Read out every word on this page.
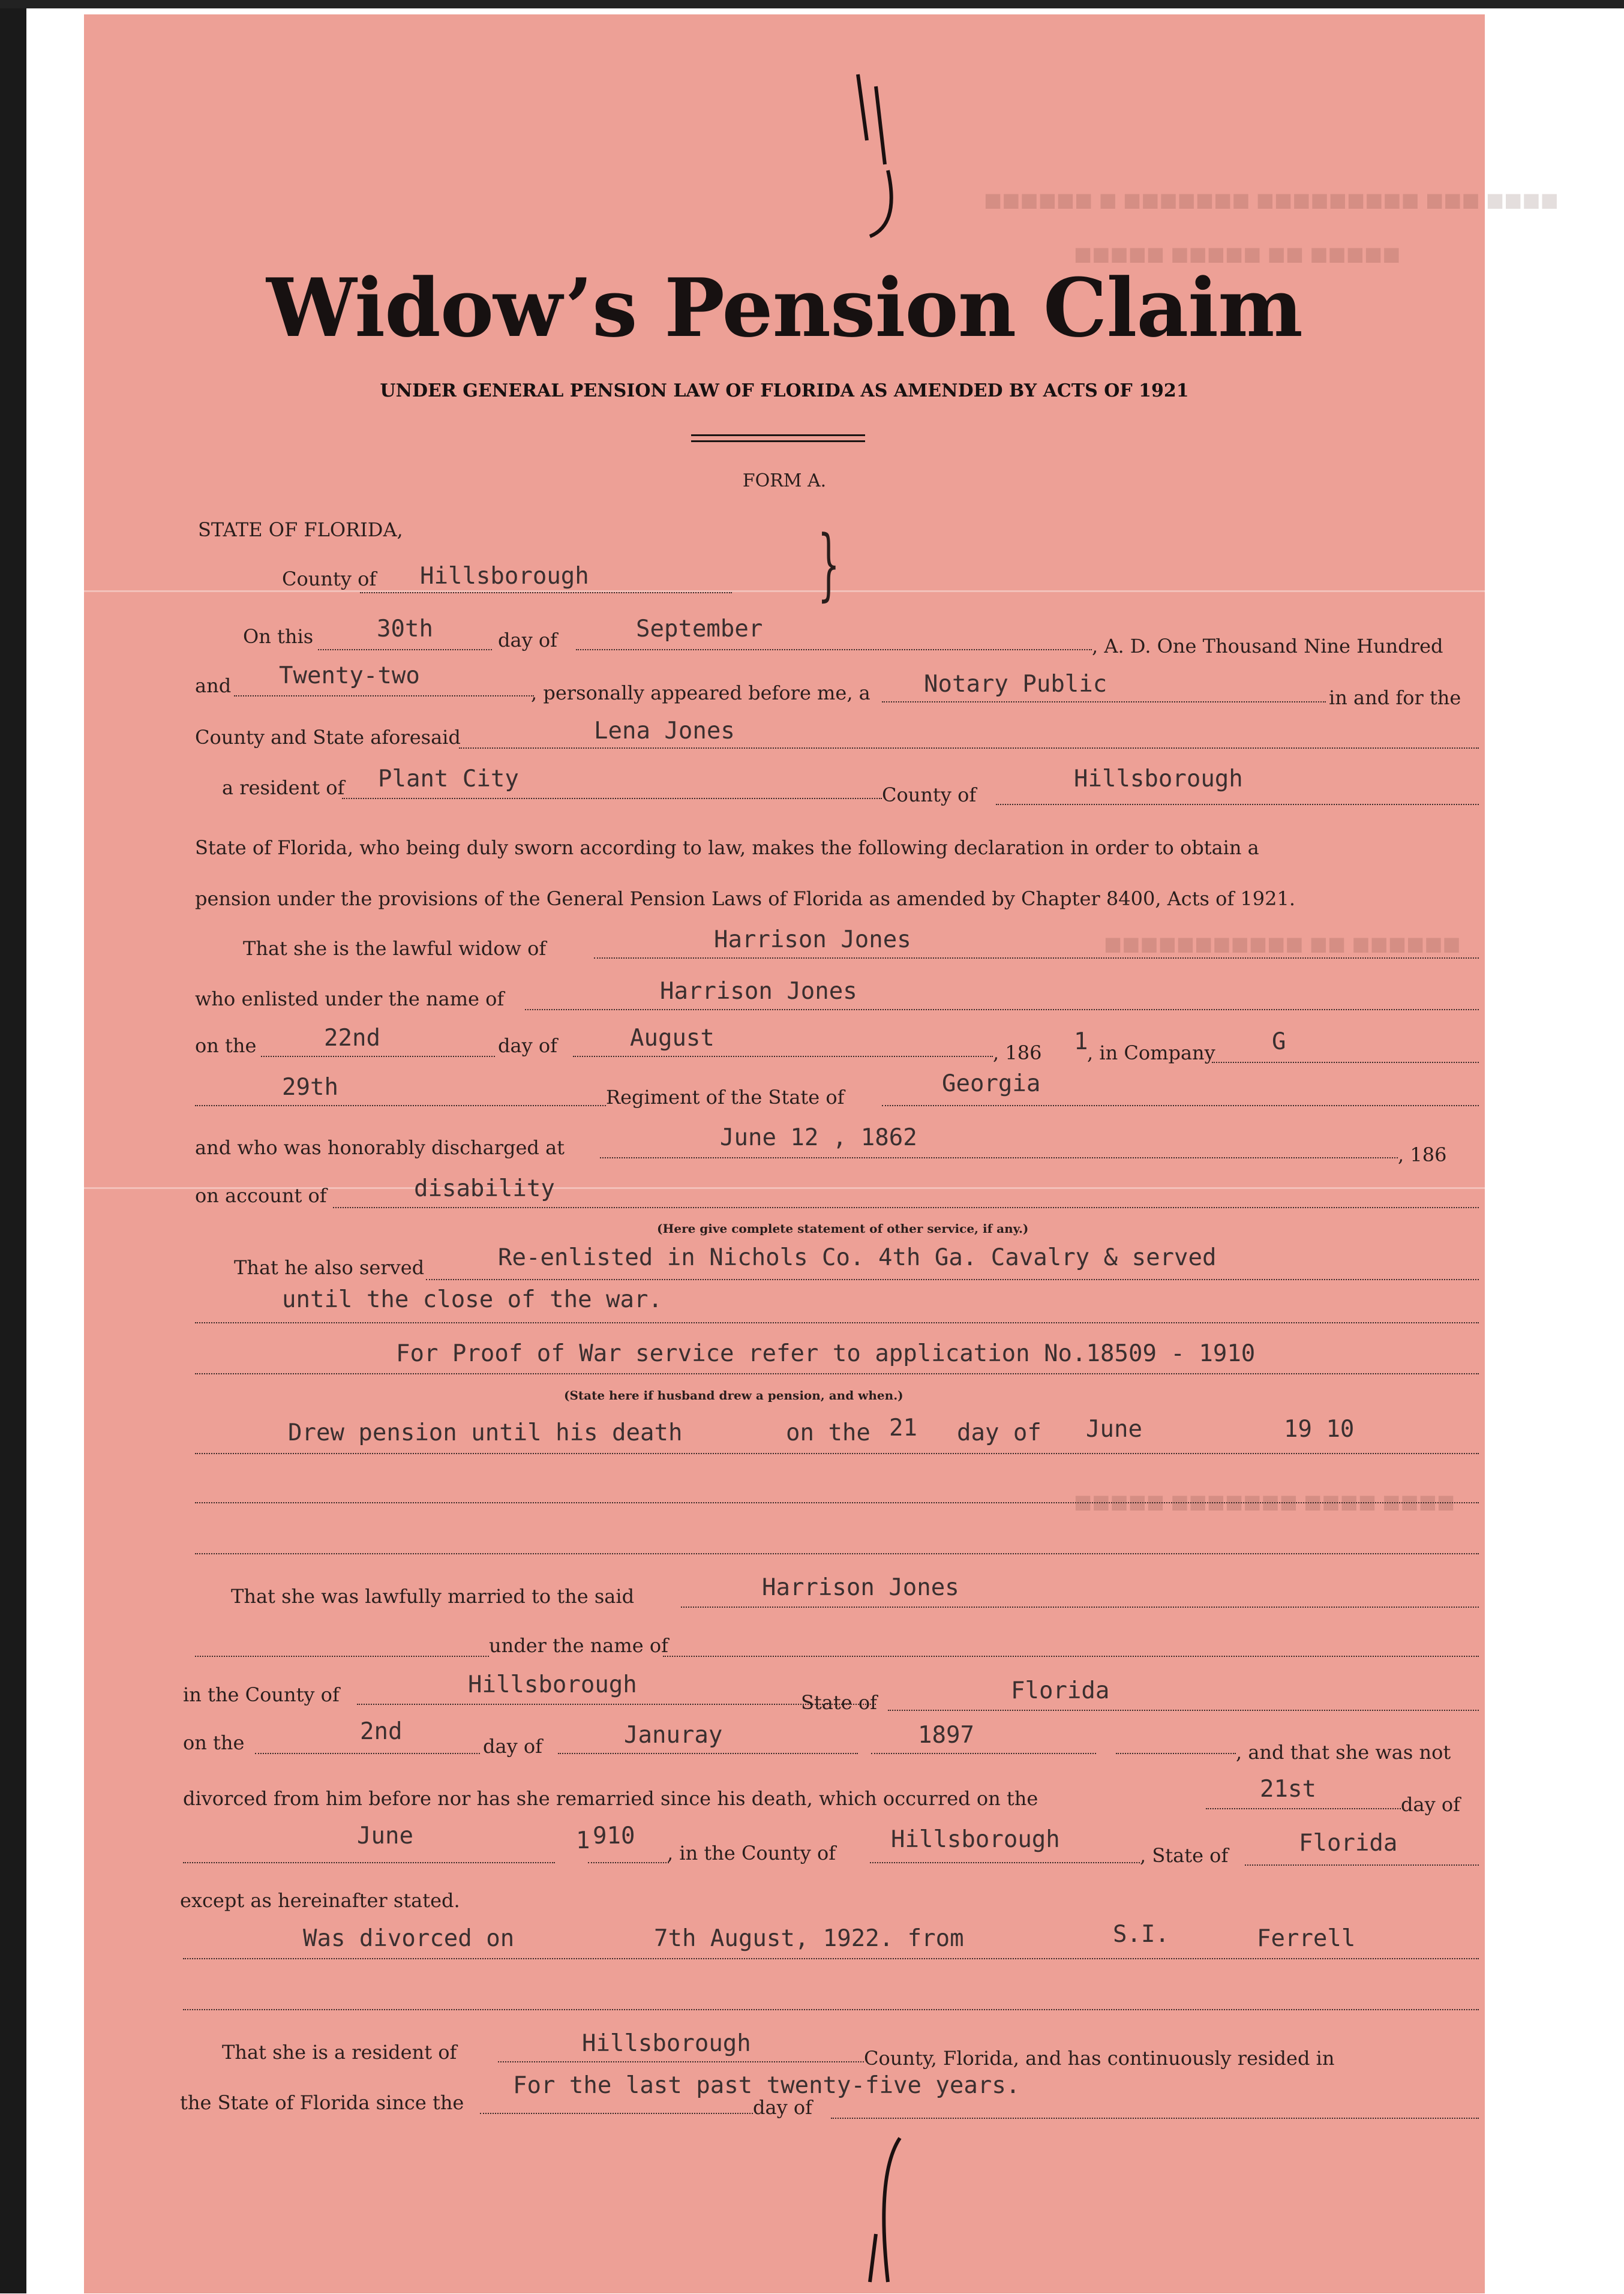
■■■■ ■■■ ■■■■■■■■■ ■■■■■■■ ■ ■■■■■■
■■■■■ ■■ ■■■■■ ■■■■■
■■■■■■ ■■ ■■■■■■■■■■■
■■■■ ■■■■ ■■■■■■■ ■■■■■
Widow’s Pension Claim
UNDER GENERAL PENSION LAW OF FLORIDA AS AMENDED BY ACTS OF 1921
FORM A.
STATE OF FLORIDA,
County of Hillsborough	}
On this	30th	day of	September
, A. D. One Thousand Nine Hundred
and Twenty-two
, personally appeared before me, a Notary Public	in and for the
County and State aforesaid	Lena Jones
a resident of Plant City
County of
Hillsborough
State of Florida, who being duly sworn according to law, makes the following declaration in order to obtain a
pension under the provisions of the General Pension Laws of Florida as amended by Chapter 8400, Acts of 1921.
That she is the lawful widow of	Harrison Jones
who enlisted under the name of	Harrison Jones
on the	22nd	day of	August
, 186 1
, in Company G
29th	Regiment of the State of	Georgia
and who was honorably discharged at	June 12 , 1862
, 186
on account of	disability
(Here give complete statement of other service, if any.)
That he also served	Re-enlisted in Nichols Co. 4th Ga. Cavalry & served
until the close of the war.
For Proof of War service refer to application No.18509 - 1910
(State here if husband drew a pension, and when.)
Drew pension until his death	on the 21 day of June	19 10
That she was lawfully married to the said	Harrison Jones
under the name of
in the County of	Hillsborough
State of	Florida
on the	2nd
day of	Januray	1897
, and that she was not
divorced from him before nor has she remarried since his death, which occurred on the	21st
day of
June	1 910
, in the County of Hillsborough
, State of	Florida
except as hereinafter stated.
Was divorced on	7th August, 1922. from	S.I.	Ferrell
That she is a resident of	Hillsborough
County, Florida, and has continuously resided in
the State of Florida since the
For the last past twenty-five years.
day of
